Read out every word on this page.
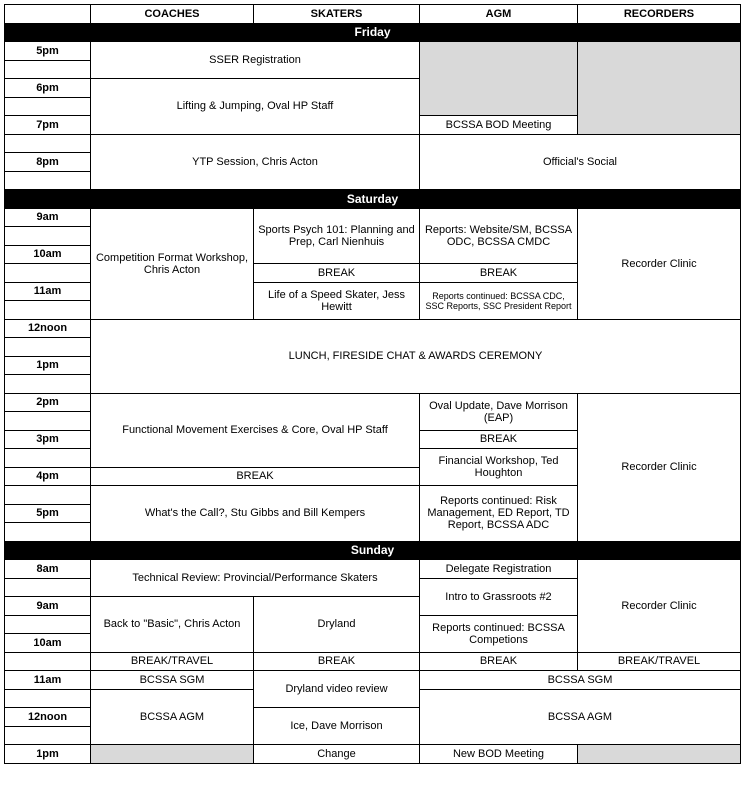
	COACHES	SKATERS	AGM	RECORDERS
Friday				
5pm	SSER Registration			

6pm	Lifting & Jumping, Oval HP Staff			

7pm			BCSSA BOD Meeting	
	YTP Session, Chris Acton		Official's Social	
8pm				

Saturday				
9am	Competition Format Workshop, Chris Acton	Sports Psych 101: Planning and Prep, Carl Nienhuis	Reports: Website/SM, BCSSA ODC, BCSSA CMDC	Recorder Clinic

10am				
		BREAK	BREAK	
11am		Life of a Speed Skater, Jess Hewitt	Reports continued: BCSSA CDC, SSC Reports, SSC President Report	

12noon	LUNCH, FIRESIDE CHAT & AWARDS CEREMONY			

1pm				

2pm	Functional Movement Exercises & Core, Oval HP Staff		Oval Update, Dave Morrison (EAP)	Recorder Clinic

3pm			BREAK	
			Financial Workshop, Ted Houghton	
4pm	BREAK			
	What's the Call?, Stu Gibbs and Bill Kempers		Reports continued: Risk Management, ED Report, TD Report, BCSSA ADC	
5pm				

Sunday				
8am	Technical Review: Provincial/Performance Skaters		Delegate Registration	Recorder Clinic
			Intro to Grassroots #2	
9am	Back to "Basic", Chris Acton	Dryland		
			Reports continued: BCSSA Competions	
10am				
	BREAK/TRAVEL	BREAK	BREAK	BREAK/TRAVEL
11am	BCSSA SGM	Dryland video review	BCSSA SGM	
	BCSSA AGM		BCSSA AGM	
12noon		Ice, Dave Morrison		

1pm		Change	New BOD Meeting	
